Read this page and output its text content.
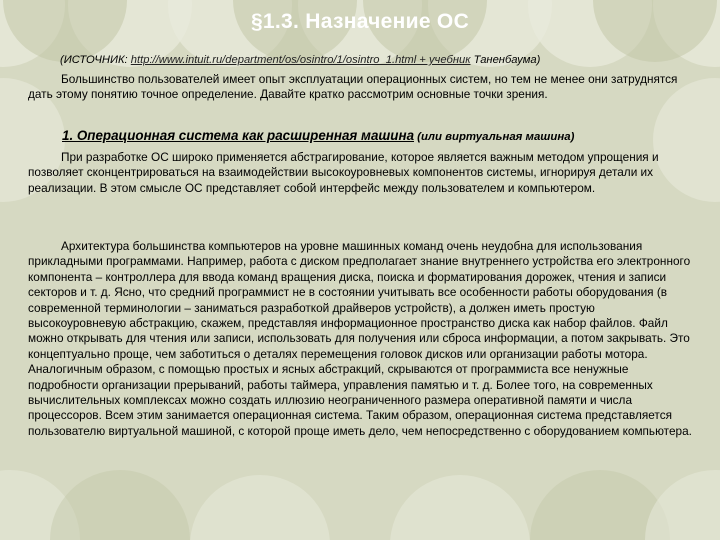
§1.3. Назначение ОС

(ИСТОЧНИК: http://www.intuit.ru/department/os/osintro/1/osintro_1.html + учебник Таненбаума)

Большинство пользователей имеет опыт эксплуатации операционных систем, но тем не менее они затруднятся дать этому понятию точное определение. Давайте кратко рассмотрим основные точки зрения.

1. Операционная система как расширенная машина (или виртуальная машина)

При разработке ОС широко применяется абстрагирование, которое является важным методом упрощения и позволяет сконцентрироваться на взаимодействии высокоуровневых компонентов системы, игнорируя детали их реализации. В этом смысле ОС представляет собой интерфейс между пользователем и компьютером.

Архитектура большинства компьютеров на уровне машинных команд очень неудобна для использования прикладными программами. Например, работа с диском предполагает знание внутреннего устройства его электронного компонента – контроллера для ввода команд вращения диска, поиска и форматирования дорожек, чтения и записи секторов и т. д. Ясно, что средний программист не в состоянии учитывать все особенности работы оборудования (в современной терминологии – заниматься разработкой драйверов устройств), а должен иметь простую высокоуровневую абстракцию, скажем, представляя информационное пространство диска как набор файлов. Файл можно открывать для чтения или записи, использовать для получения или сброса информации, а потом закрывать. Это концептуально проще, чем заботиться о деталях перемещения головок дисков или организации работы мотора. Аналогичным образом, с помощью простых и ясных абстракций, скрываются от программиста все ненужные подробности организации прерываний, работы таймера, управления памятью и т. д. Более того, на современных вычислительных комплексах можно создать иллюзию неограниченного размера оперативной памяти и числа процессоров. Всем этим занимается операционная система. Таким образом, операционная система представляется пользователю виртуальной машиной, с которой проще иметь дело, чем непосредственно с оборудованием компьютера.
